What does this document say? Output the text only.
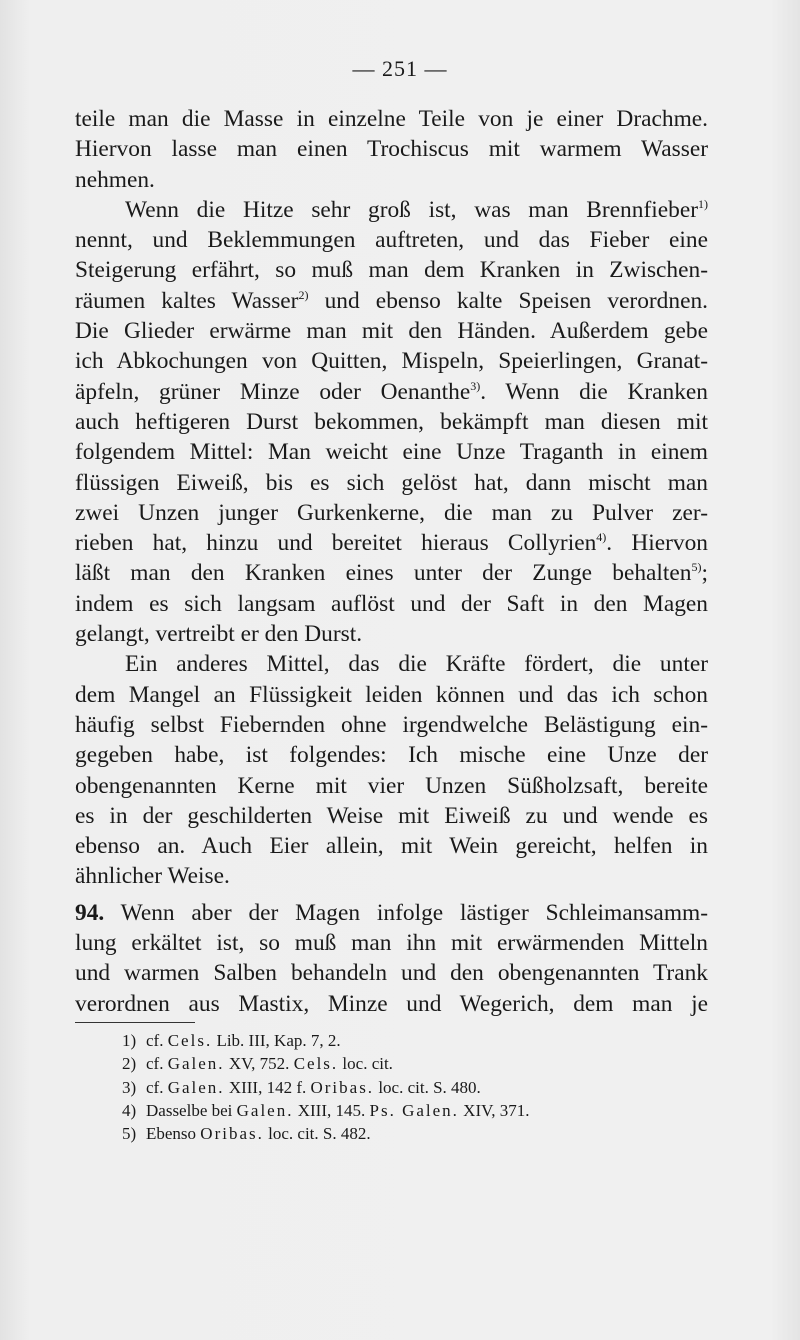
— 251 —
teile man die Masse in einzelne Teile von je einer Drachme.
Hiervon lasse man einen Trochiscus mit warmem Wasser
nehmen.
Wenn die Hitze sehr groß ist, was man Brennfieber$^{1)}$
nennt, und Beklemmungen auftreten, und das Fieber eine
Steigerung erfährt, so muß man dem Kranken in Zwischen-
räumen kaltes Wasser$^{2)}$ und ebenso kalte Speisen verordnen.
Die Glieder erwärme man mit den Händen. Außerdem gebe
ich Abkochungen von Quitten, Mispeln, Speierlingen, Granat-
äpfeln, grüner Minze oder Oenanthe$^{3)}$. Wenn die Kranken
auch heftigeren Durst bekommen, bekämpft man diesen mit
folgendem Mittel: Man weicht eine Unze Traganth in einem
flüssigen Eiweiß, bis es sich gelöst hat, dann mischt man
zwei Unzen junger Gurkenkerne, die man zu Pulver zer-
rieben hat, hinzu und bereitet hieraus Collyrien$^{4)}$. Hiervon
läßt man den Kranken eines unter der Zunge behalten$^{5)}$;
indem es sich langsam auflöst und der Saft in den Magen
gelangt, vertreibt er den Durst.
Ein anderes Mittel, das die Kräfte fördert, die unter
dem Mangel an Flüssigkeit leiden können und das ich schon
häufig selbst Fiebernden ohne irgendwelche Belästigung ein-
gegeben habe, ist folgendes: Ich mische eine Unze der
obengenannten Kerne mit vier Unzen Süßholzsaft, bereite
es in der geschilderten Weise mit Eiweiß zu und wende es
ebenso an. Auch Eier allein, mit Wein gereicht, helfen in
ähnlicher Weise.
94. Wenn aber der Magen infolge lästiger Schleimansamm-
lung erkältet ist, so muß man ihn mit erwärmenden Mitteln
und warmen Salben behandeln und den obengenannten Trank
verordnen aus Mastix, Minze und Wegerich, dem man je
1) cf. Cels. Lib. III, Kap. 7, 2.
2) cf. Galen. XV, 752. Cels. loc. cit.
3) cf. Galen. XIII, 142 f. Oribas. loc. cit. S. 480.
4) Dasselbe bei Galen. XIII, 145. Ps. Galen. XIV, 371.
5) Ebenso Oribas. loc. cit. S. 482.
